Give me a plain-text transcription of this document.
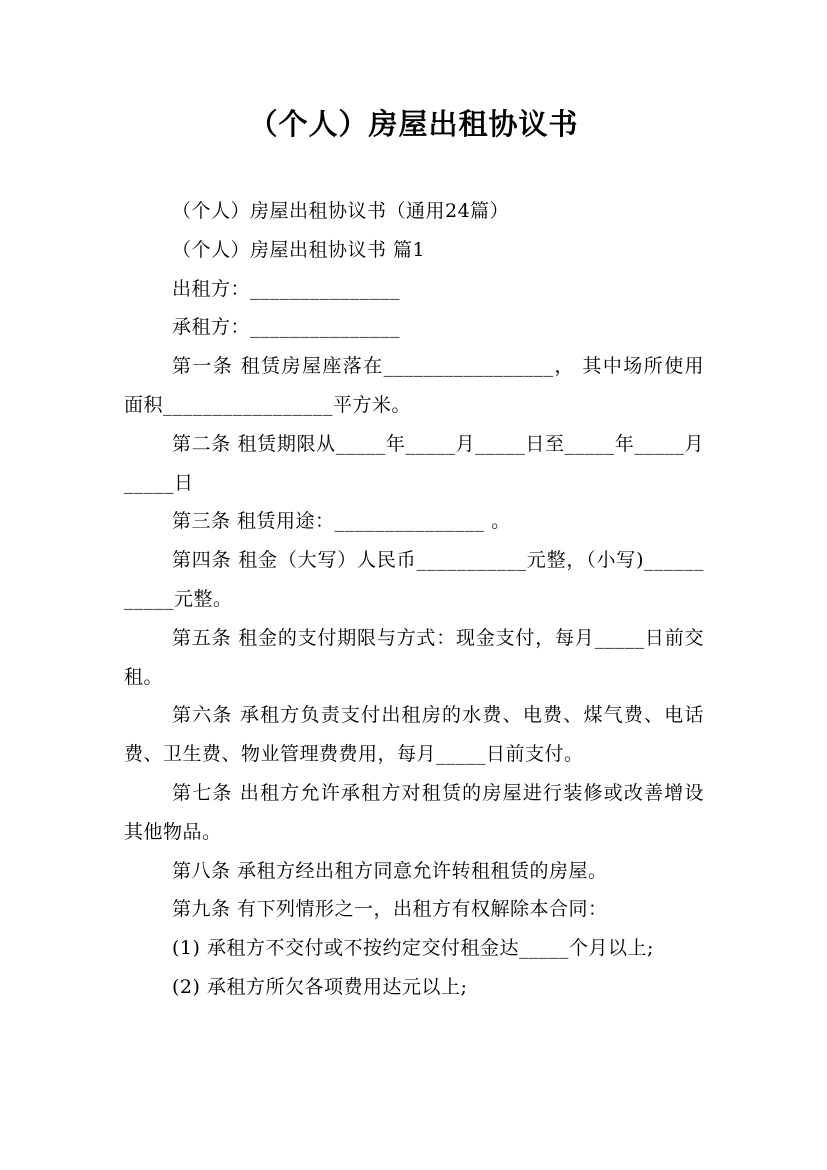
（个人）房屋出租协议书

（个人）房屋出租协议书（通用24篇）

（个人）房屋出租协议书 篇1

出租方：_______________

承租方：_______________

第一条 租赁房屋座落在_________________， 其中场所使用面积_________________平方米。

第二条 租赁期限从_____年_____月_____日至_____年_____月_____日

第三条 租赁用途：_______________ 。

第四条 租金（大写）人民币___________元整，（小写)___________元整。

第五条 租金的支付期限与方式：现金支付，每月_____日前交租。

第六条 承租方负责支付出租房的水费、电费、煤气费、电话费、卫生费、物业管理费费用，每月_____日前支付。

第七条 出租方允许承租方对租赁的房屋进行装修或改善增设其他物品。

第八条 承租方经出租方同意允许转租租赁的房屋。

第九条 有下列情形之一，出租方有权解除本合同：

(1) 承租方不交付或不按约定交付租金达_____个月以上;

(2) 承租方所欠各项费用达元以上;
